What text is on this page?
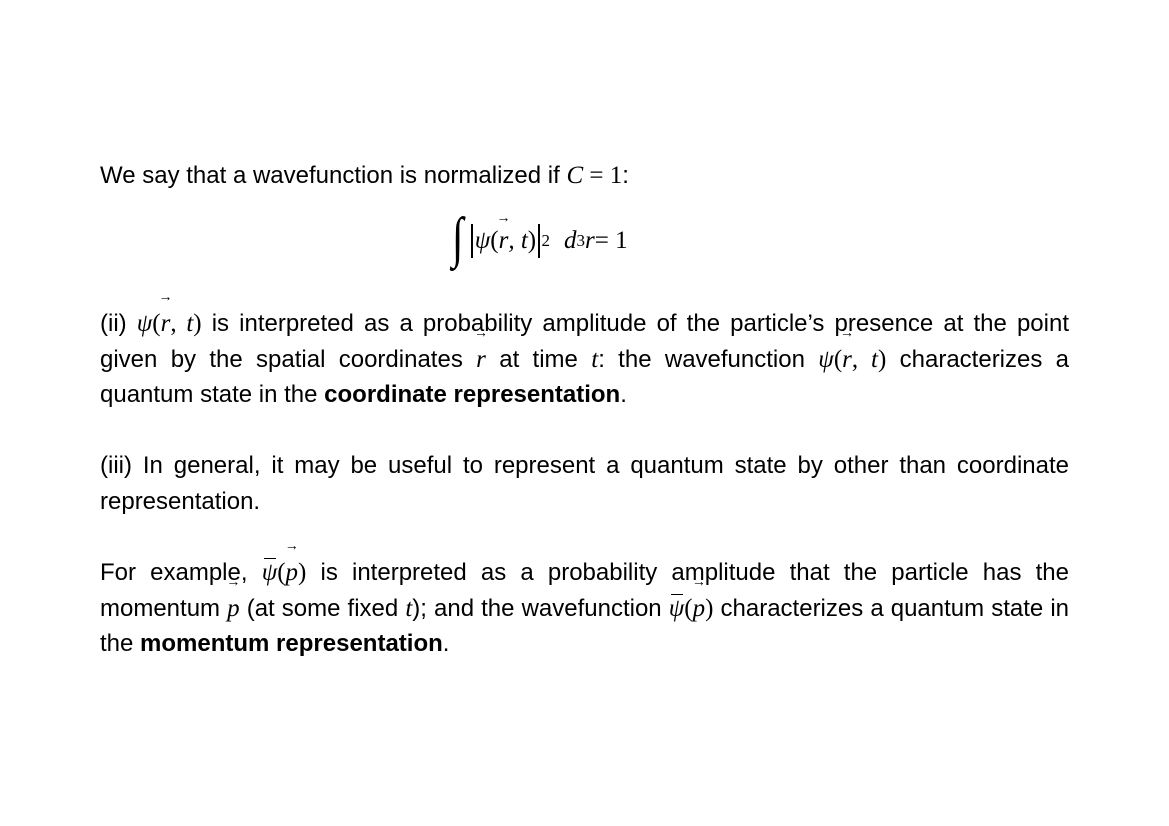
We say that a wavefunction is normalized if C = 1:

∫ ψ ( → r , t ) 2 d 3 r = 1

(ii) ψ(→ r, t) is interpreted as a probability amplitude of the particle’s presence at the point given by the spatial coordinates → r at time t: the wavefunction ψ(→ r, t) characterizes a quantum state in the coordinate representation.

(iii) In general, it may be useful to represent a quantum state by other than coordinate representation.

For example, ψ(→ p) is interpreted as a probability amplitude that the particle has the momentum → p (at some fixed t); and the wavefunction ψ(→ p) characterizes a quantum state in the momentum representation.
